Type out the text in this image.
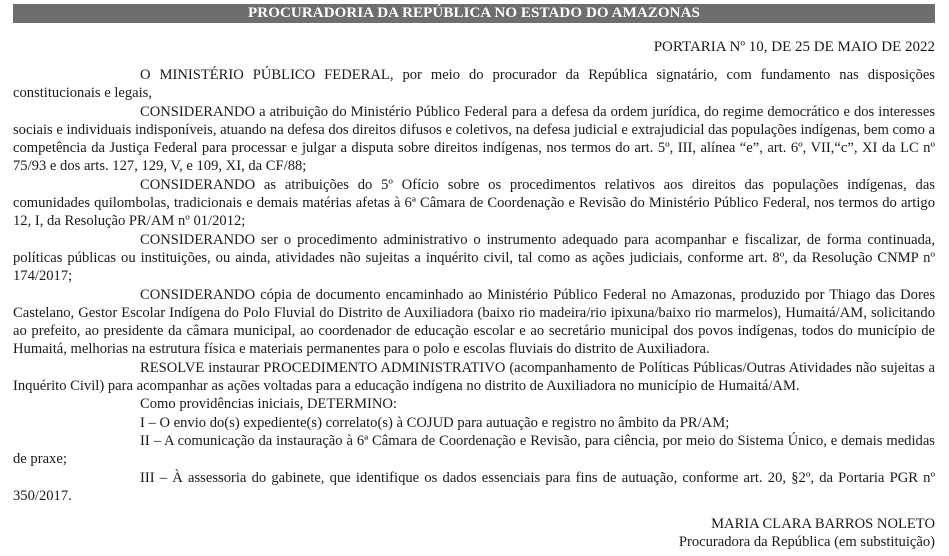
PROCURADORIA DA REPÚBLICA NO ESTADO DO AMAZONAS
PORTARIA Nº 10, DE 25 DE MAIO DE 2022

O MINISTÉRIO PÚBLICO FEDERAL, por meio do procurador da República signatário, com fundamento nas disposições constitucionais e legais,

CONSIDERANDO a atribuição do Ministério Público Federal para a defesa da ordem jurídica, do regime democrático e dos interesses sociais e individuais indisponíveis, atuando na defesa dos direitos difusos e coletivos, na defesa judicial e extrajudicial das populações indígenas, bem como a competência da Justiça Federal para processar e julgar a disputa sobre direitos indígenas, nos termos do art. 5º, III, alínea “e”, art. 6º, VII,“c”, XI da LC nº 75/93 e dos arts. 127, 129, V, e 109, XI, da CF/88;

CONSIDERANDO as atribuições do 5º Ofício sobre os procedimentos relativos aos direitos das populações indígenas, das comunidades quilombolas, tradicionais e demais matérias afetas à 6ª Câmara de Coordenação e Revisão do Ministério Público Federal, nos termos do artigo 12, I, da Resolução PR/AM nº 01/2012;

CONSIDERANDO ser o procedimento administrativo o instrumento adequado para acompanhar e fiscalizar, de forma continuada, políticas públicas ou instituições, ou ainda, atividades não sujeitas a inquérito civil, tal como as ações judiciais, conforme art. 8º, da Resolução CNMP nº 174/2017;

CONSIDERANDO cópia de documento encaminhado ao Ministério Público Federal no Amazonas, produzido por Thiago das Dores Castelano, Gestor Escolar Indígena do Polo Fluvial do Distrito de Auxiliadora (baixo rio madeira/rio ipixuna/baixo rio marmelos), Humaitá/AM, solicitando ao prefeito, ao presidente da câmara municipal, ao coordenador de educação escolar e ao secretário municipal dos povos indígenas, todos do município de Humaitá, melhorias na estrutura física e materiais permanentes para o polo e escolas fluviais do distrito de Auxiliadora.

RESOLVE instaurar PROCEDIMENTO ADMINISTRATIVO (acompanhamento de Políticas Públicas/Outras Atividades não sujeitas a Inquérito Civil) para acompanhar as ações voltadas para a educação indígena no distrito de Auxiliadora no município de Humaitá/AM.

Como providências iniciais, DETERMINO:

I – O envio do(s) expediente(s) correlato(s) à COJUD para autuação e registro no âmbito da PR/AM;

II – A comunicação da instauração à 6ª Câmara de Coordenação e Revisão, para ciência, por meio do Sistema Único, e demais medidas de praxe;

III – À assessoria do gabinete, que identifique os dados essenciais para fins de autuação, conforme art. 20, §2º, da Portaria PGR nº 350/2017.

MARIA CLARA BARROS NOLETO
Procuradora da República (em substituição)
